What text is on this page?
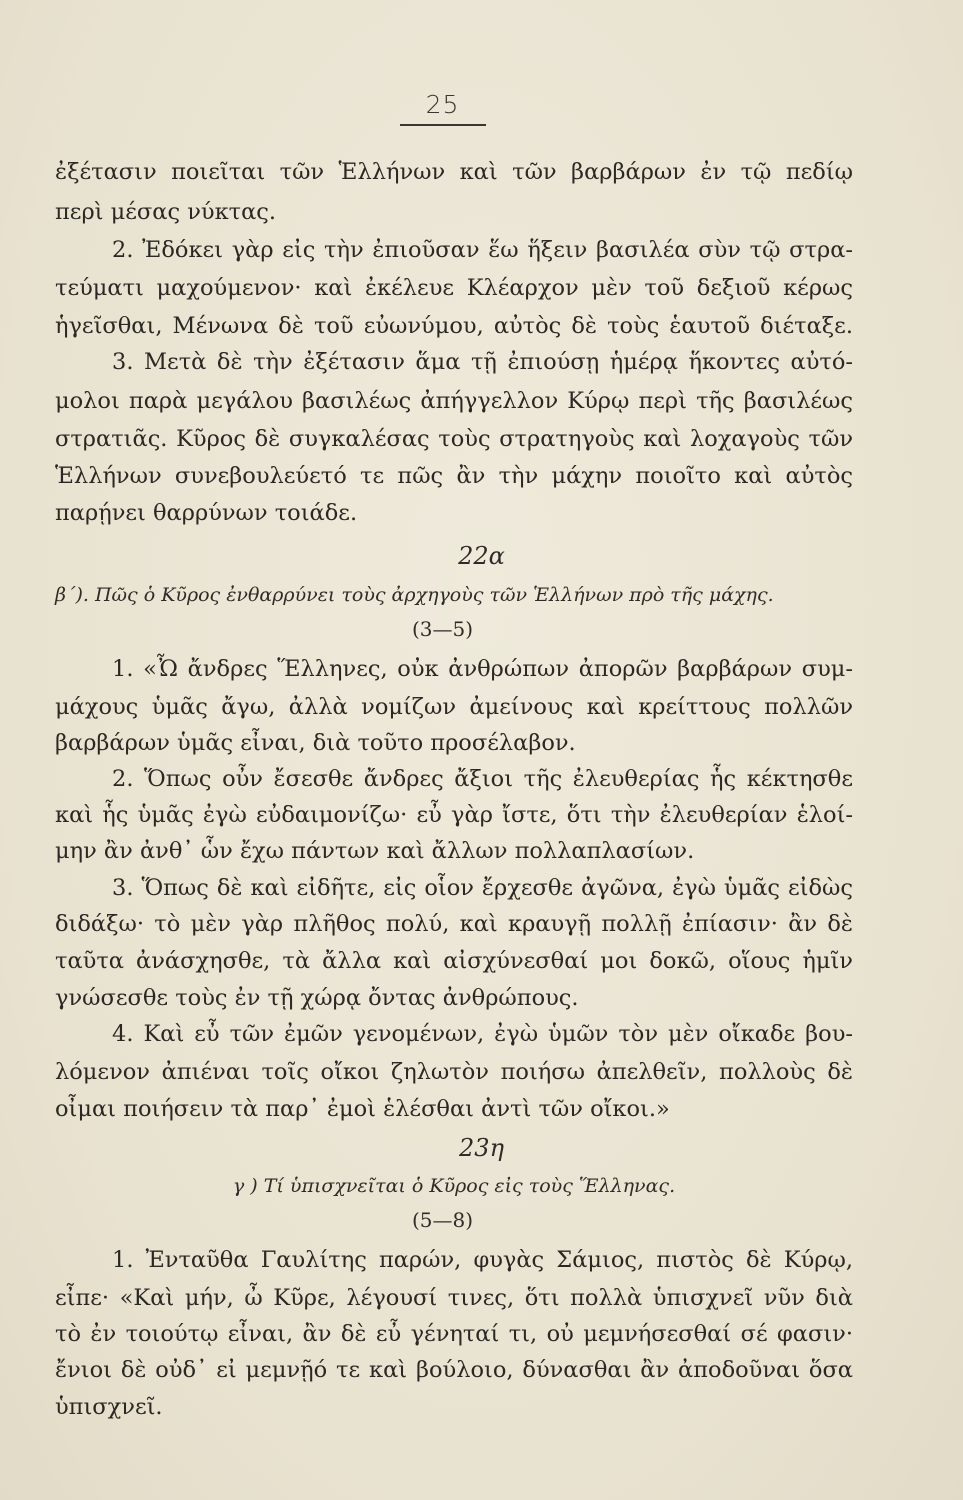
25
ἐξέτασιν ποιεῖται τῶν Ἑλλήνων καὶ τῶν βαρβάρων ἐν τῷ πεδίῳ
περὶ μέσας νύκτας.
2. Ἐδόκει γὰρ εἰς τὴν ἐπιοῦσαν ἕω ἥξειν βασιλέα σὺν τῷ στρα-
τεύματι μαχούμενον· καὶ ἐκέλευε Κλέαρχον μὲν τοῦ δεξιοῦ κέρως
ἡγεῖσθαι, Μένωνα δὲ τοῦ εὐωνύμου, αὐτὸς δὲ τοὺς ἑαυτοῦ διέταξε.
3. Μετὰ δὲ τὴν ἐξέτασιν ἅμα τῇ ἐπιούσῃ ἡμέρᾳ ἥκοντες αὐτό-
μολοι παρὰ μεγάλου βασιλέως ἀπήγγελλον Κύρῳ περὶ τῆς βασιλέως
στρατιᾶς. Κῦρος δὲ συγκαλέσας τοὺς στρατηγοὺς καὶ λοχαγοὺς τῶν
Ἑλλήνων συνεβουλεύετό τε πῶς ἂν τὴν μάχην ποιοῖτο καὶ αὐτὸς
παρῄνει θαρρύνων τοιάδε.
22α
β΄). Πῶς ὁ Κῦρος ἐνθαρρύνει τοὺς ἀρχηγοὺς τῶν Ἑλλήνων πρὸ τῆς μάχης.
(3—5)
1. «Ὦ ἄνδρες Ἕλληνες, οὐκ ἀνθρώπων ἀπορῶν βαρβάρων συμ-
μάχους ὑμᾶς ἄγω, ἀλλὰ νομίζων ἀμείνους καὶ κρείττους πολλῶν
βαρβάρων ὑμᾶς εἶναι, διὰ τοῦτο προσέλαβον.
2. Ὅπως οὖν ἔσεσθε ἄνδρες ἄξιοι τῆς ἐλευθερίας ἧς κέκτησθε
καὶ ἧς ὑμᾶς ἐγὼ εὐδαιμονίζω· εὖ γὰρ ἴστε, ὅτι τὴν ἐλευθερίαν ἑλοί-
μην ἂν ἀνθ᾽ ὧν ἔχω πάντων καὶ ἄλλων πολλαπλασίων.
3. Ὅπως δὲ καὶ εἰδῆτε, εἰς οἷον ἔρχεσθε ἀγῶνα, ἐγὼ ὑμᾶς εἰδὼς
διδάξω· τὸ μὲν γὰρ πλῆθος πολύ, καὶ κραυγῇ πολλῇ ἐπίασιν· ἂν δὲ
ταῦτα ἀνάσχησθε, τὰ ἄλλα καὶ αἰσχύνεσθαί μοι δοκῶ, οἵους ἡμῖν
γνώσεσθε τοὺς ἐν τῇ χώρᾳ ὄντας ἀνθρώπους.
4. Καὶ εὖ τῶν ἐμῶν γενομένων, ἐγὼ ὑμῶν τὸν μὲν οἴκαδε βου-
λόμενον ἀπιέναι τοῖς οἴκοι ζηλωτὸν ποιήσω ἀπελθεῖν, πολλοὺς δὲ
οἶμαι ποιήσειν τὰ παρ᾽ ἐμοὶ ἑλέσθαι ἀντὶ τῶν οἴκοι.»
23η
γ ) Τί ὑπισχνεῖται ὁ Κῦρος εἰς τοὺς Ἕλληνας.
(5—8)
1. Ἐνταῦθα Γαυλίτης παρών, φυγὰς Σάμιος, πιστὸς δὲ Κύρῳ,
εἶπε· «Καὶ μήν, ὦ Κῦρε, λέγουσί τινες, ὅτι πολλὰ ὑπισχνεῖ νῦν διὰ
τὸ ἐν τοιούτῳ εἶναι, ἂν δὲ εὖ γένηταί τι, οὐ μεμνήσεσθαί σέ φασιν·
ἔνιοι δὲ οὐδ᾽ εἰ μεμνῇό τε καὶ βούλοιο, δύνασθαι ἂν ἀποδοῦναι ὅσα
ὑπισχνεῖ.
